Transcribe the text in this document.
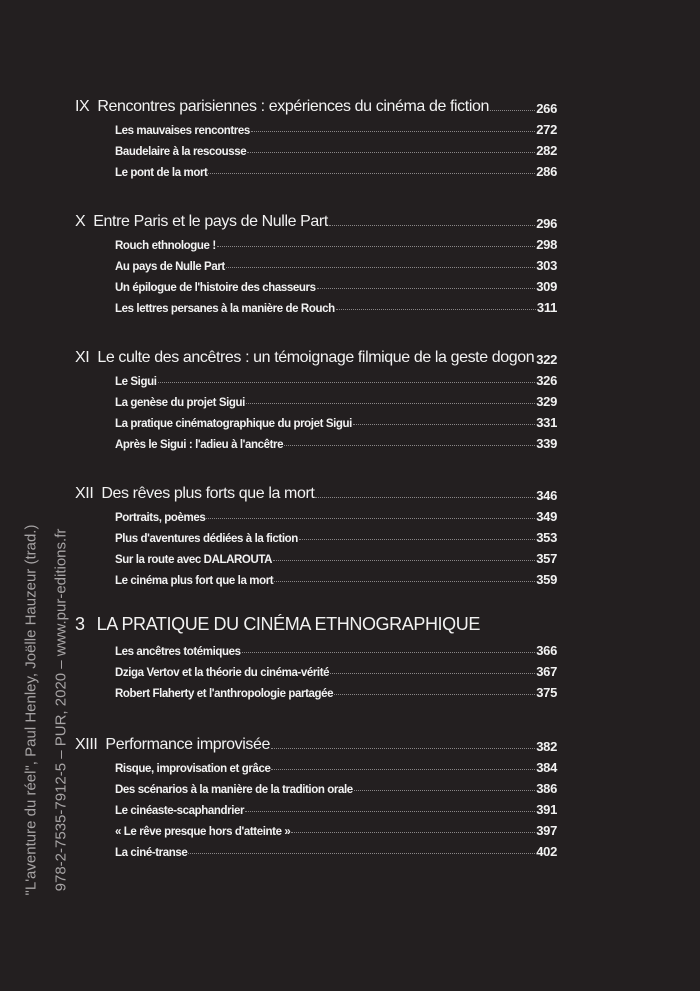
IX Rencontres parisiennes : expériences du cinéma de fiction	266
Les mauvaises rencontres	272
Baudelaire à la rescousse	282
Le pont de la mort	286
X Entre Paris et le pays de Nulle Part	296
Rouch ethnologue !	298
Au pays de Nulle Part	303
Un épilogue de l'histoire des chasseurs	309
Les lettres persanes à la manière de Rouch	311
XI Le culte des ancêtres : un témoignage filmique de la geste dogon 322
Le Sigui	326
La genèse du projet Sigui	329
La pratique cinématographique du projet Sigui	331
Après le Sigui : l'adieu à l'ancêtre	339
XII Des rêves plus forts que la mort	346
Portraits, poèmes	349
Plus d'aventures dédiées à la fiction	353
Sur la route avec DALAROUTA	357
Le cinéma plus fort que la mort	359
3 LA PRATIQUE DU CINÉMA ETHNOGRAPHIQUE
Les ancêtres totémiques	366
Dziga Vertov et la théorie du cinéma-vérité	367
Robert Flaherty et l'anthropologie partagée	375
XIII Performance improvisée	382
Risque, improvisation et grâce	384
Des scénarios à la manière de la tradition orale	386
Le cinéaste-scaphandrier	391
« Le rêve presque hors d'atteinte »	397
La ciné-transe	402
"L'aventure du réel", Paul Henley, Joëlle Hauzeur (trad.) 978-2-7535-7912-5 – PUR, 2020 – www.pur-editions.fr
